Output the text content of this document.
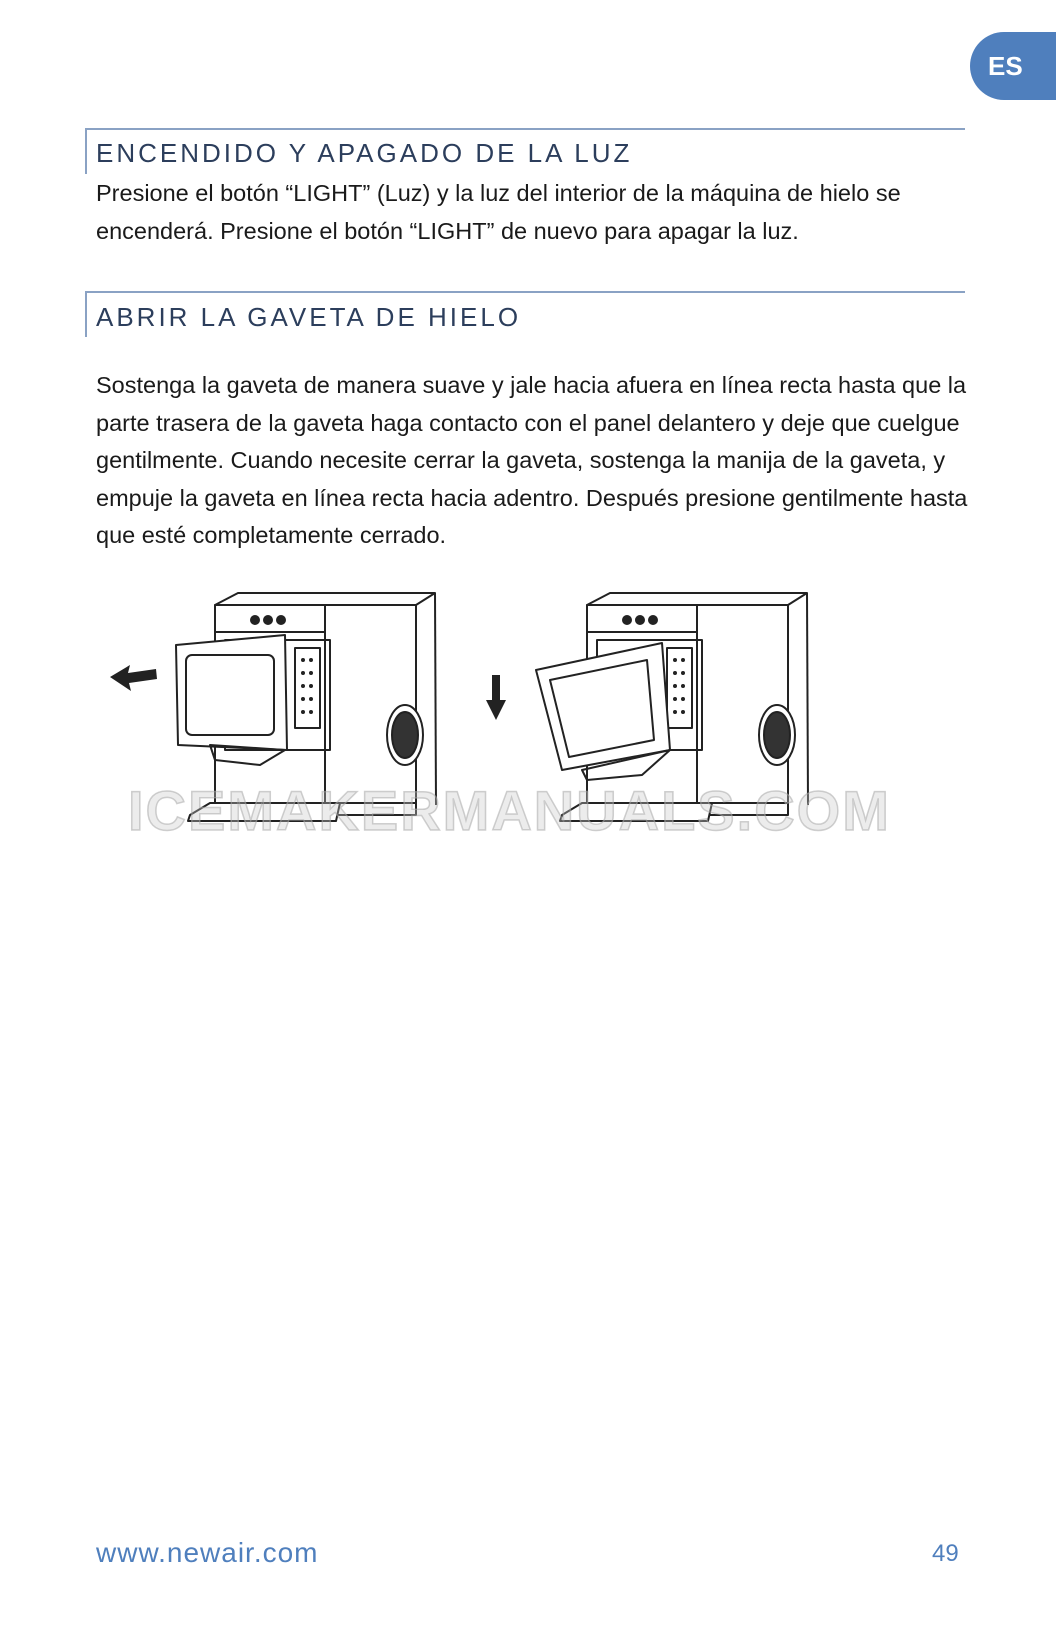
ES
ENCENDIDO Y APAGADO DE LA LUZ

Presione el botón “LIGHT” (Luz) y la luz del interior de la máquina de hielo se encenderá. Presione el botón “LIGHT” de nuevo para apagar la luz.

ABRIR LA GAVETA DE HIELO

Sostenga la gaveta de manera suave y jale hacia afuera en línea recta hasta que la parte trasera de la gaveta haga contacto con el panel delantero y deje que cuelgue gentilmente. Cuando necesite cerrar la gaveta, sostenga la manija de la gaveta, y empuje la gaveta en línea recta hacia adentro. Después presione gentilmente hasta que esté completamente cerrado.

ICEMAKERMANUALS.COM
www.newair.com	49
